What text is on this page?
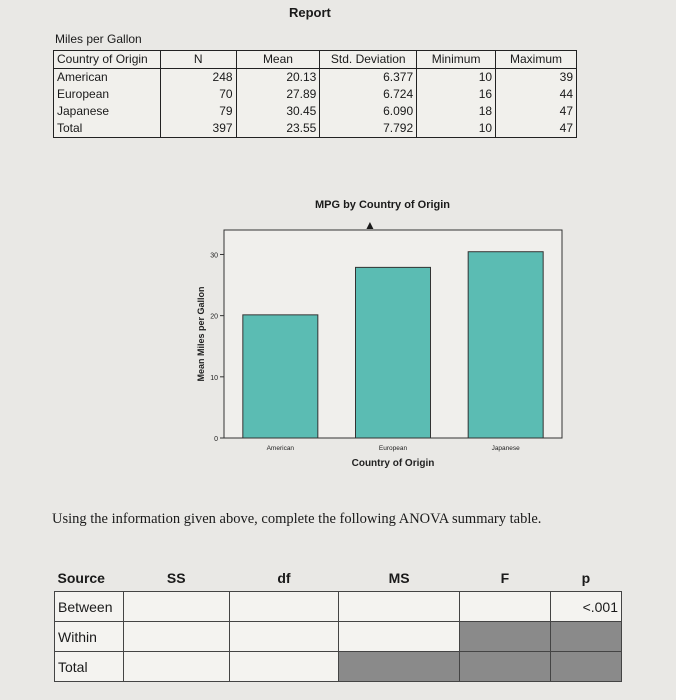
Report
Miles per Gallon
Country of Origin	N	Mean	Std. Deviation	Minimum	Maximum
American	248	20.13	6.377	10	39
European	70	27.89	6.724	16	44
Japanese	79	30.45	6.090	18	47
Total	397	23.55	7.792	10	47
MPG by Country of Origin
0
10
20
30
American	European	Japanese
Country of Origin
Mean Miles per Gallon
▲
Using the information given above, complete the following ANOVA summary table.
Source	SS	df	MS	F	p
Between					<.001
Within					
Total					
